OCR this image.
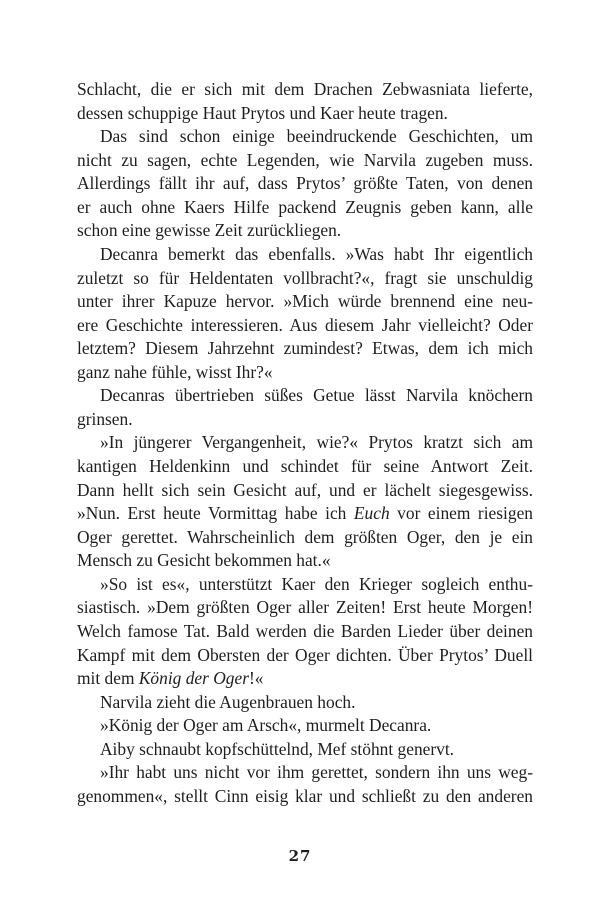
Schlacht, die er sich mit dem Drachen Zebwasniata lieferte,
dessen schuppige Haut Prytos und Kaer heute tragen.
Das sind schon einige beeindruckende Geschichten, um
nicht zu sagen, echte Legenden, wie Narvila zugeben muss.
Allerdings fällt ihr auf, dass Prytos’ größte Taten, von denen
er auch ohne Kaers Hilfe packend Zeugnis geben kann, alle
schon eine gewisse Zeit zurückliegen.
Decanra bemerkt das ebenfalls. »Was habt Ihr eigentlich
zuletzt so für Heldentaten vollbracht?«, fragt sie unschuldig
unter ihrer Kapuze hervor. »Mich würde brennend eine neu-
ere Geschichte interessieren. Aus diesem Jahr vielleicht? Oder
letztem? Diesem Jahrzehnt zumindest? Etwas, dem ich mich
ganz nahe fühle, wisst Ihr?«
Decanras übertrieben süßes Getue lässt Narvila knöchern
grinsen.
»In jüngerer Vergangenheit, wie?« Prytos kratzt sich am
kantigen Heldenkinn und schindet für seine Antwort Zeit.
Dann hellt sich sein Gesicht auf, und er lächelt siegesgewiss.
»Nun. Erst heute Vormittag habe ich Euch vor einem riesigen
Oger gerettet. Wahrscheinlich dem größten Oger, den je ein
Mensch zu Gesicht bekommen hat.«
»So ist es«, unterstützt Kaer den Krieger sogleich enthu-
siastisch. »Dem größten Oger aller Zeiten! Erst heute Morgen!
Welch famose Tat. Bald werden die Barden Lieder über deinen
Kampf mit dem Obersten der Oger dichten. Über Prytos’ Duell
mit dem König der Oger!«
Narvila zieht die Augenbrauen hoch.
»König der Oger am Arsch«, murmelt Decanra.
Aiby schnaubt kopfschüttelnd, Mef stöhnt genervt.
»Ihr habt uns nicht vor ihm gerettet, sondern ihn uns weg-
genommen«, stellt Cinn eisig klar und schließt zu den anderen
27
